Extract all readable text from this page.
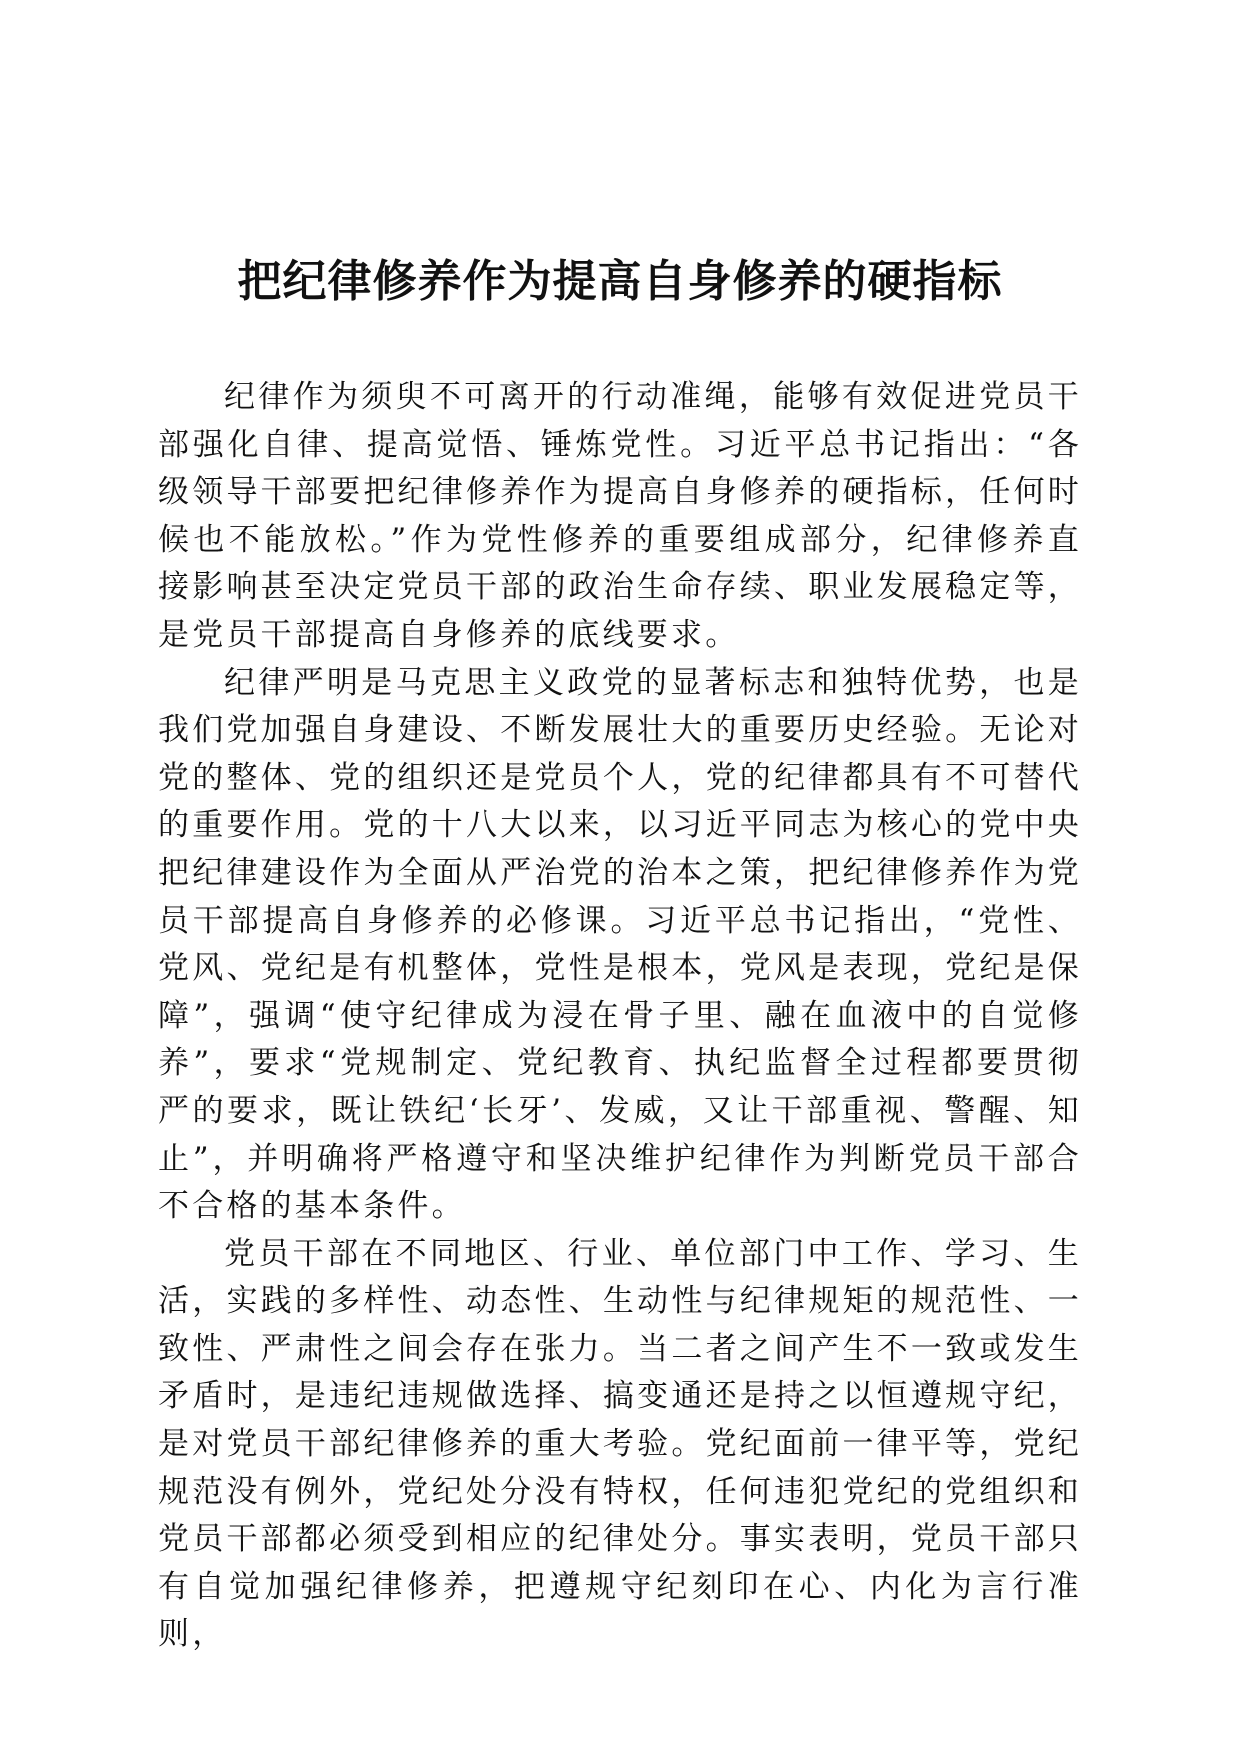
把纪律修养作为提高自身修养的硬指标

纪律作为须臾不可离开的行动准绳，能够有效促进党员干部强化自律、提高觉悟、锤炼党性。习近平总书记指出：“各级领导干部要把纪律修养作为提高自身修养的硬指标，任何时候也不能放松。”作为党性修养的重要组成部分，纪律修养直接影响甚至决定党员干部的政治生命存续、职业发展稳定等，是党员干部提高自身修养的底线要求。

纪律严明是马克思主义政党的显著标志和独特优势，也是我们党加强自身建设、不断发展壮大的重要历史经验。无论对党的整体、党的组织还是党员个人，党的纪律都具有不可替代的重要作用。党的十八大以来，以习近平同志为核心的党中央把纪律建设作为全面从严治党的治本之策，把纪律修养作为党员干部提高自身修养的必修课。习近平总书记指出，“党性、党风、党纪是有机整体，党性是根本，党风是表现，党纪是保障”，强调“使守纪律成为浸在骨子里、融在血液中的自觉修养”，要求“党规制定、党纪教育、执纪监督全过程都要贯彻严的要求，既让铁纪‘长牙’、发威，又让干部重视、警醒、知止”，并明确将严格遵守和坚决维护纪律作为判断党员干部合不合格的基本条件。

党员干部在不同地区、行业、单位部门中工作、学习、生活，实践的多样性、动态性、生动性与纪律规矩的规范性、一致性、严肃性之间会存在张力。当二者之间产生不一致或发生矛盾时，是违纪违规做选择、搞变通还是持之以恒遵规守纪，是对党员干部纪律修养的重大考验。党纪面前一律平等，党纪规范没有例外，党纪处分没有特权，任何违犯党纪的党组织和党员干部都必须受到相应的纪律处分。事实表明，党员干部只有自觉加强纪律修养，把遵规守纪刻印在心、内化为言行准则，
